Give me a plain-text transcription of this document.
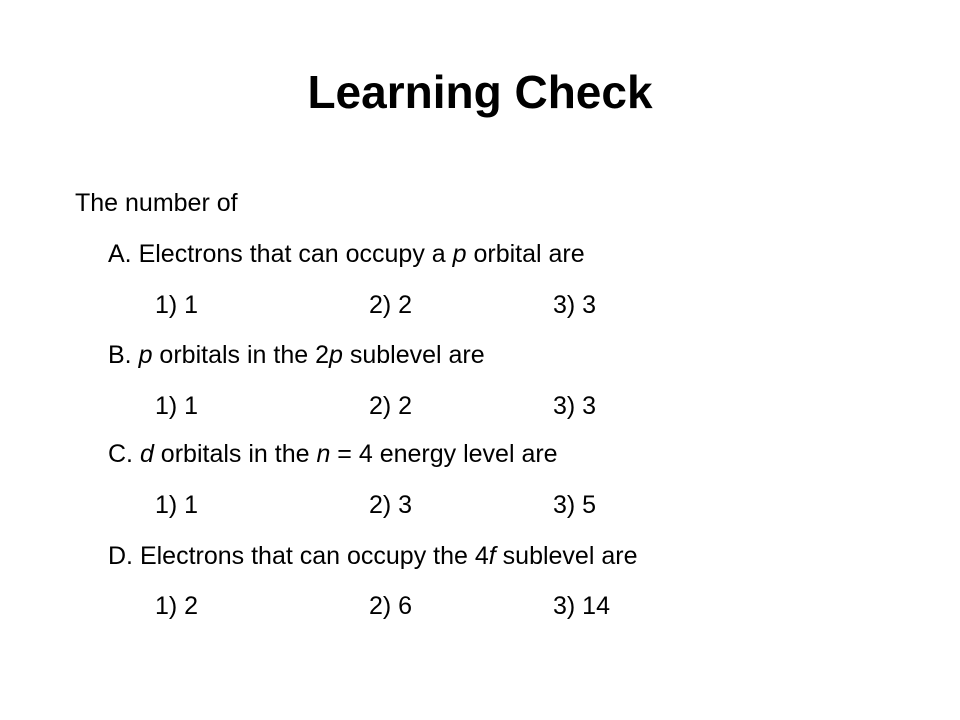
Learning Check
The number of
A. Electrons that can occupy a p orbital are
1) 1	2) 2	3) 3
B. p orbitals in the 2p sublevel are
1) 1	2) 2	3) 3
C. d orbitals in the n = 4 energy level are
1) 1	2) 3	3) 5
D. Electrons that can occupy the 4f sublevel are
1) 2	2) 6	3) 14
